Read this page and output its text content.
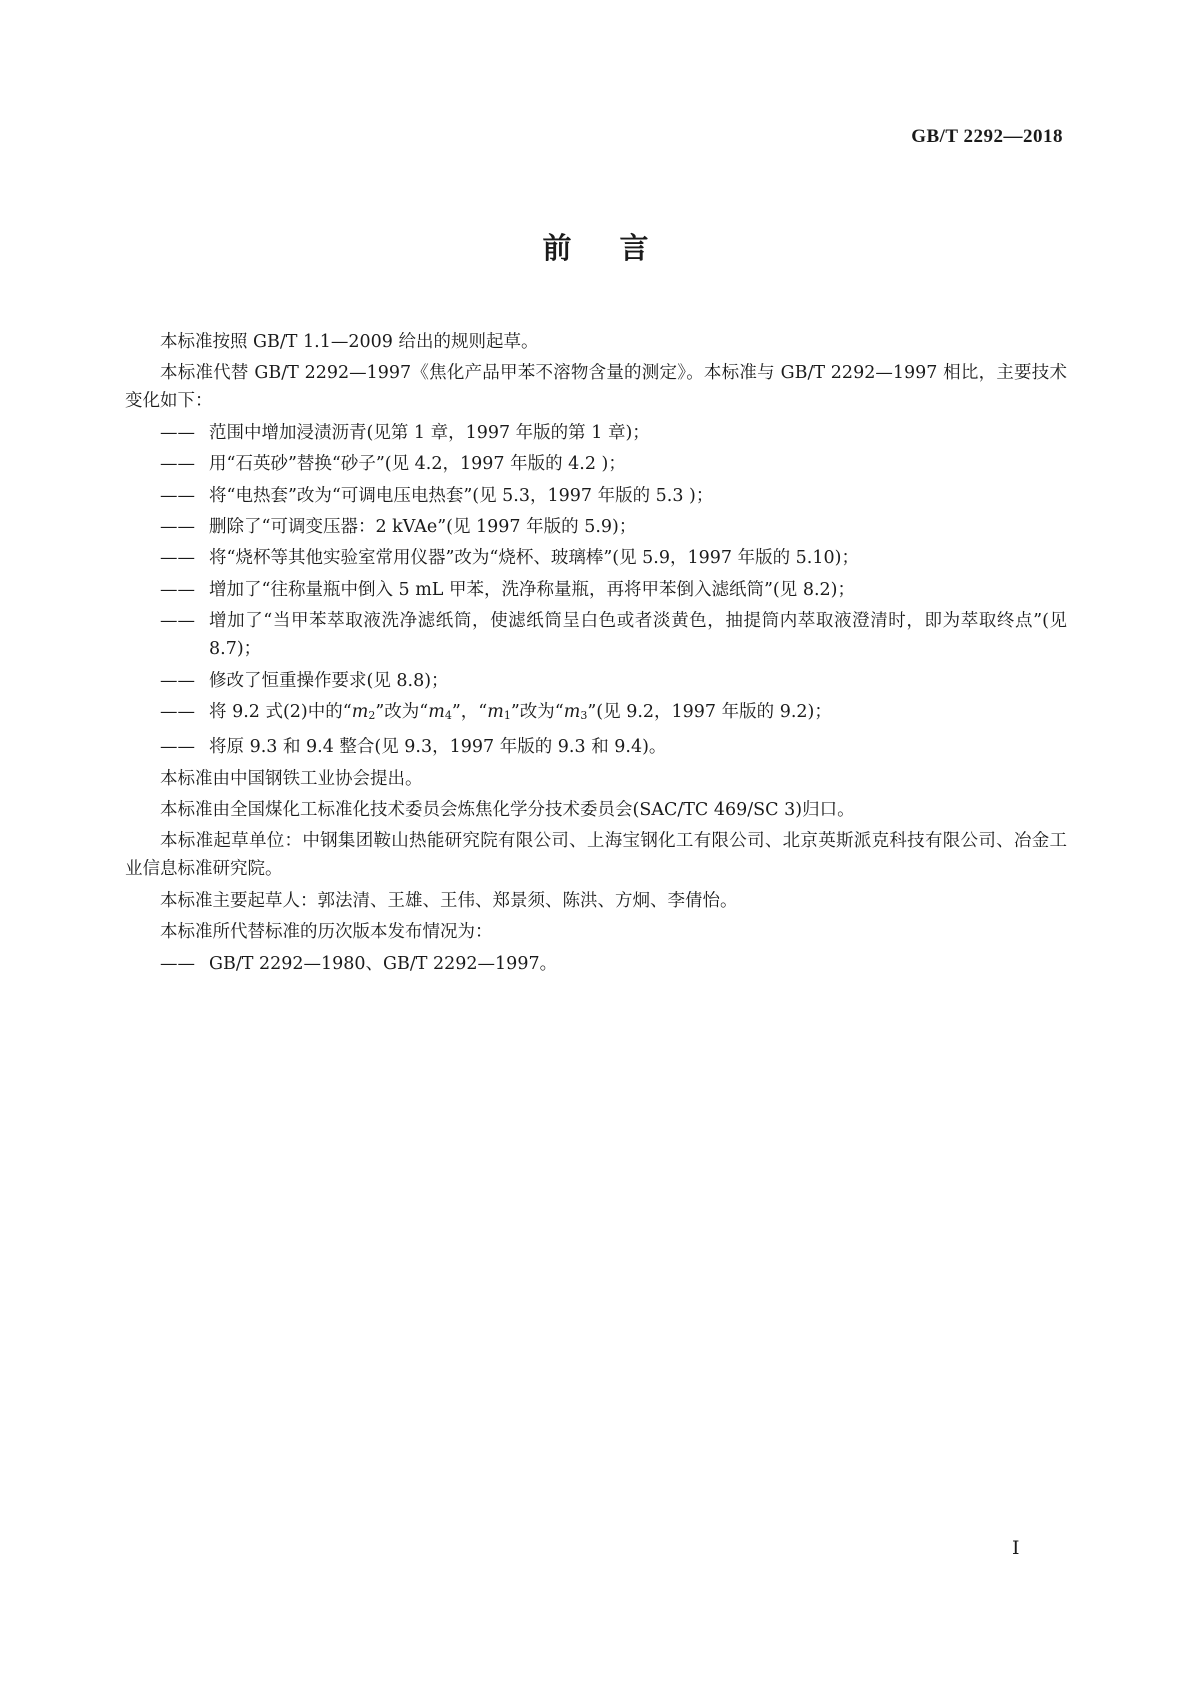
GB/T 2292—2018

前言

本标准按照 GB/T 1.1—2009 给出的规则起草。

本标准代替 GB/T 2292—1997《焦化产品甲苯不溶物含量的测定》。本标准与 GB/T 2292—1997 相比，主要技术变化如下：

—— 范围中增加浸渍沥青(见第 1 章，1997 年版的第 1 章)；

—— 用“石英砂”替换“砂子”(见 4.2，1997 年版的 4.2 )；

—— 将“电热套”改为“可调电压电热套”(见 5.3，1997 年版的 5.3 )；

—— 删除了“可调变压器：2 kVAe”(见 1997 年版的 5.9)；

—— 将“烧杯等其他实验室常用仪器”改为“烧杯、玻璃棒”(见 5.9，1997 年版的 5.10)；

—— 增加了“往称量瓶中倒入 5 mL 甲苯，洗净称量瓶，再将甲苯倒入滤纸筒”(见 8.2)；

—— 增加了“当甲苯萃取液洗净滤纸筒，使滤纸筒呈白色或者淡黄色，抽提筒内萃取液澄清时，即为萃取终点”(见 8.7)；

—— 修改了恒重操作要求(见 8.8)；

—— 将 9.2 式(2)中的“m2”改为“m4”，“m1”改为“m3”(见 9.2，1997 年版的 9.2)；

—— 将原 9.3 和 9.4 整合(见 9.3，1997 年版的 9.3 和 9.4)。

本标准由中国钢铁工业协会提出。

本标准由全国煤化工标准化技术委员会炼焦化学分技术委员会(SAC/TC 469/SC 3)归口。

本标准起草单位：中钢集团鞍山热能研究院有限公司、上海宝钢化工有限公司、北京英斯派克科技有限公司、冶金工业信息标准研究院。

本标准主要起草人：郭法清、王雄、王伟、郑景须、陈洪、方炯、李倩怡。

本标准所代替标准的历次版本发布情况为：

—— GB/T 2292—1980、GB/T 2292—1997。

I
